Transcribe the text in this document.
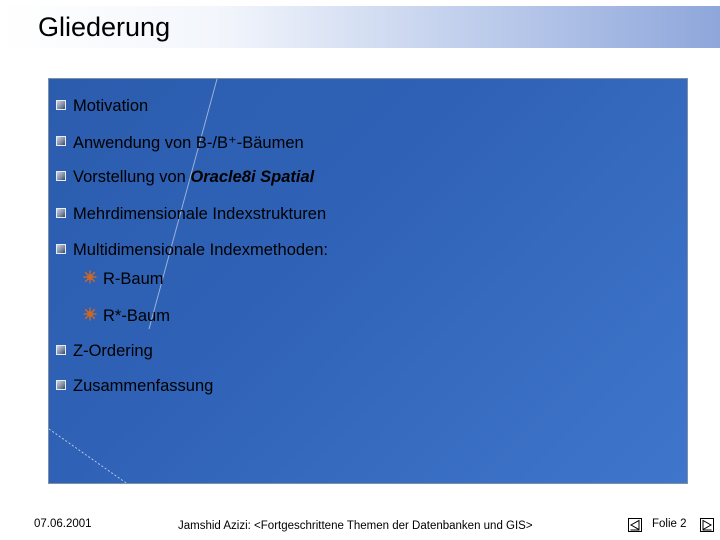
Gliederung
Motivation
Anwendung von B-/B⁺-Bäumen
Vorstellung von Oracle8i Spatial
Mehrdimensionale Indexstrukturen
Multidimensionale Indexmethoden:
R-Baum
R*-Baum
Z-Ordering
Zusammenfassung
07.06.2001	Jamshid Azizi: <Fortgeschrittene Themen der Datenbanken und GIS>	Folie 2
